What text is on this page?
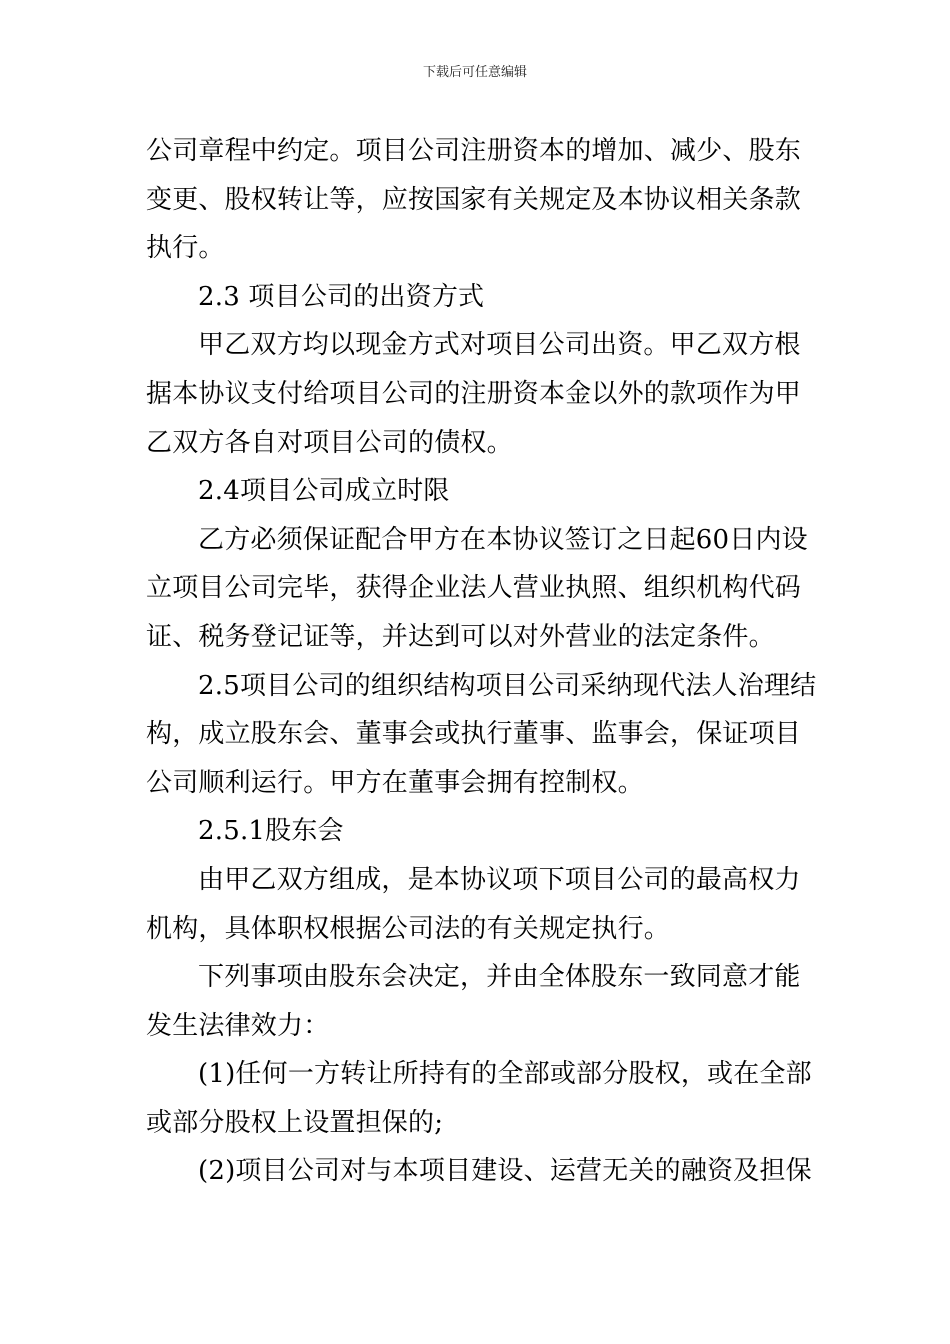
下载后可任意编辑

公司章程中约定。项目公司注册资本的增加、减少、股东
变更、股权转让等，应按国家有关规定及本协议相关条款
执行。

2.3 项目公司的出资方式

甲乙双方均以现金方式对项目公司出资。甲乙双方根
据本协议支付给项目公司的注册资本金以外的款项作为甲
乙双方各自对项目公司的债权。

2.4项目公司成立时限

乙方必须保证配合甲方在本协议签订之日起60日内设
立项目公司完毕，获得企业法人营业执照、组织机构代码
证、税务登记证等，并达到可以对外营业的法定条件。

2.5项目公司的组织结构项目公司采纳现代法人治理结
构，成立股东会、董事会或执行董事、监事会，保证项目
公司顺利运行。甲方在董事会拥有控制权。

2.5.1股东会

由甲乙双方组成，是本协议项下项目公司的最高权力
机构，具体职权根据公司法的有关规定执行。

下列事项由股东会决定，并由全体股东一致同意才能
发生法律效力：

(1)任何一方转让所持有的全部或部分股权，或在全部
或部分股权上设置担保的;

(2)项目公司对与本项目建设、运营无关的融资及担保
